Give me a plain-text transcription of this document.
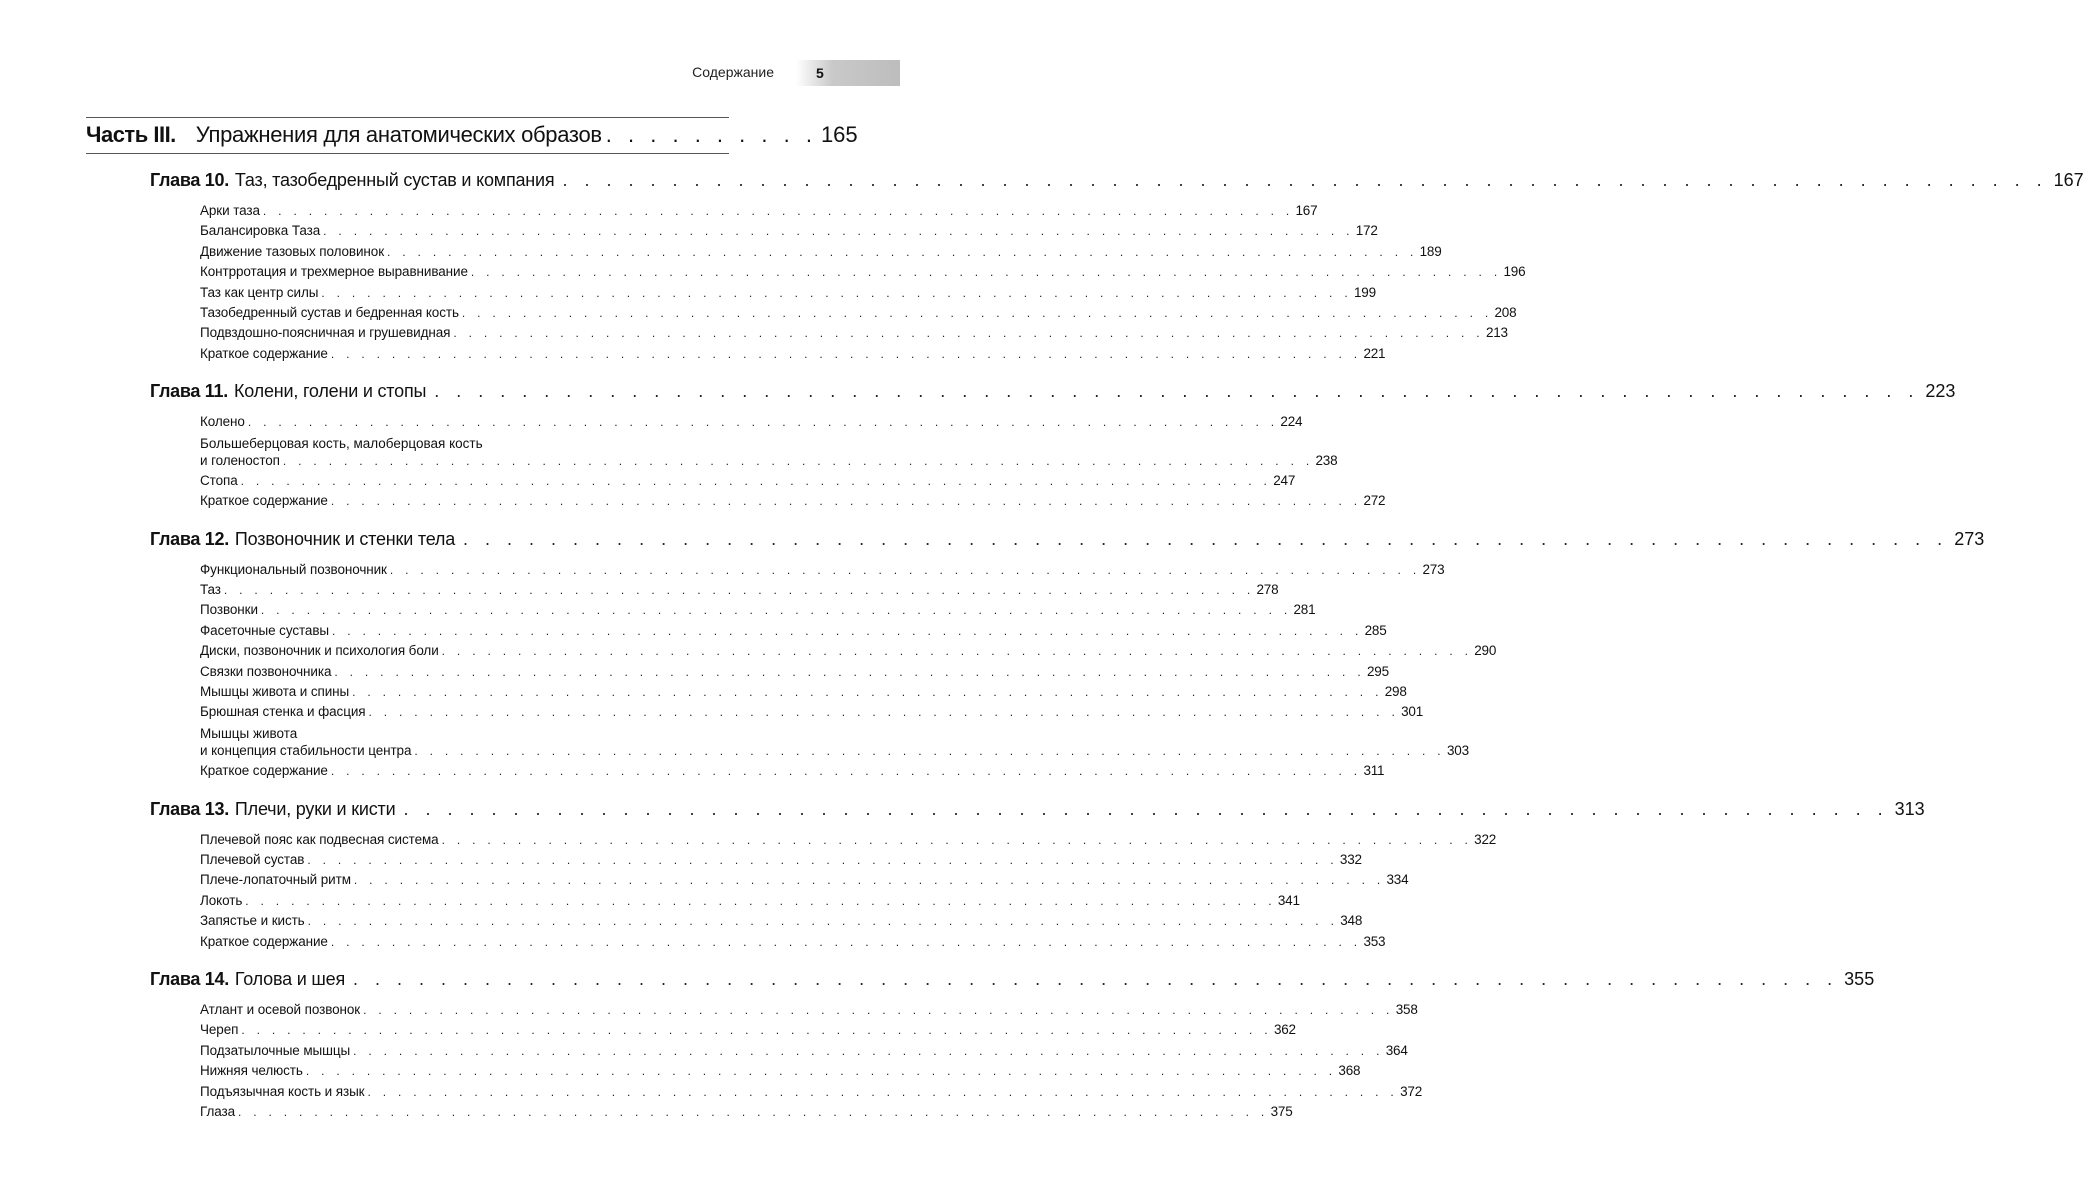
Содержание	5
Часть III. Упражнения для анатомических образов . . . . . . . . . . 165
Глава 10. Таз, тазобедренный сустав и компания . . . . . . . . . . . . . . . . . . . . . . . . . . . . . . . . . . . . . . . . . . . . . . . . . . . . . . . . . . . . . . . . . . . . 167
Арки таза . . . . . . . . . . . . . . . . . . . . . . . . . . . . . . . . . . . . . . . . . . . . . . . . . . . . . . . . . . . . . . . . . . . . 167
Балансировка Таза . . . . . . . . . . . . . . . . . . . . . . . . . . . . . . . . . . . . . . . . . . . . . . . . . . . . . . . . . . . . . . . . . . . . 172
Движение тазовых половинок . . . . . . . . . . . . . . . . . . . . . . . . . . . . . . . . . . . . . . . . . . . . . . . . . . . . . . . . . . . . . . . . . . . . 189
Контрротация и трехмерное выравнивание . . . . . . . . . . . . . . . . . . . . . . . . . . . . . . . . . . . . . . . . . . . . . . . . . . . . . . . . . . . . . . . . . . . . 196
Таз как центр силы . . . . . . . . . . . . . . . . . . . . . . . . . . . . . . . . . . . . . . . . . . . . . . . . . . . . . . . . . . . . . . . . . . . . 199
Тазобедренный сустав и бедренная кость . . . . . . . . . . . . . . . . . . . . . . . . . . . . . . . . . . . . . . . . . . . . . . . . . . . . . . . . . . . . . . . . . . . . 208
Подвздошно-поясничная и грушевидная . . . . . . . . . . . . . . . . . . . . . . . . . . . . . . . . . . . . . . . . . . . . . . . . . . . . . . . . . . . . . . . . . . . . 213
Краткое содержание . . . . . . . . . . . . . . . . . . . . . . . . . . . . . . . . . . . . . . . . . . . . . . . . . . . . . . . . . . . . . . . . . . . . 221
Глава 11. Колени, голени и стопы . . . . . . . . . . . . . . . . . . . . . . . . . . . . . . . . . . . . . . . . . . . . . . . . . . . . . . . . . . . . . . . . . . . . 223
Колено . . . . . . . . . . . . . . . . . . . . . . . . . . . . . . . . . . . . . . . . . . . . . . . . . . . . . . . . . . . . . . . . . . . . 224
Большеберцовая кость, малоберцовая кость
и голеностоп . . . . . . . . . . . . . . . . . . . . . . . . . . . . . . . . . . . . . . . . . . . . . . . . . . . . . . . . . . . . . . . . . . . . 238
Стопа . . . . . . . . . . . . . . . . . . . . . . . . . . . . . . . . . . . . . . . . . . . . . . . . . . . . . . . . . . . . . . . . . . . . 247
Краткое содержание . . . . . . . . . . . . . . . . . . . . . . . . . . . . . . . . . . . . . . . . . . . . . . . . . . . . . . . . . . . . . . . . . . . . 272
Глава 12. Позвоночник и стенки тела . . . . . . . . . . . . . . . . . . . . . . . . . . . . . . . . . . . . . . . . . . . . . . . . . . . . . . . . . . . . . . . . . . . . 273
Функциональный позвоночник . . . . . . . . . . . . . . . . . . . . . . . . . . . . . . . . . . . . . . . . . . . . . . . . . . . . . . . . . . . . . . . . . . . . 273
Таз . . . . . . . . . . . . . . . . . . . . . . . . . . . . . . . . . . . . . . . . . . . . . . . . . . . . . . . . . . . . . . . . . . . . 278
Позвонки . . . . . . . . . . . . . . . . . . . . . . . . . . . . . . . . . . . . . . . . . . . . . . . . . . . . . . . . . . . . . . . . . . . . 281
Фасеточные суставы . . . . . . . . . . . . . . . . . . . . . . . . . . . . . . . . . . . . . . . . . . . . . . . . . . . . . . . . . . . . . . . . . . . . 285
Диски, позвоночник и психология боли . . . . . . . . . . . . . . . . . . . . . . . . . . . . . . . . . . . . . . . . . . . . . . . . . . . . . . . . . . . . . . . . . . . . 290
Связки позвоночника . . . . . . . . . . . . . . . . . . . . . . . . . . . . . . . . . . . . . . . . . . . . . . . . . . . . . . . . . . . . . . . . . . . . 295
Мышцы живота и спины . . . . . . . . . . . . . . . . . . . . . . . . . . . . . . . . . . . . . . . . . . . . . . . . . . . . . . . . . . . . . . . . . . . . 298
Брюшная стенка и фасция . . . . . . . . . . . . . . . . . . . . . . . . . . . . . . . . . . . . . . . . . . . . . . . . . . . . . . . . . . . . . . . . . . . . 301
Мышцы живота
и концепция стабильности центра . . . . . . . . . . . . . . . . . . . . . . . . . . . . . . . . . . . . . . . . . . . . . . . . . . . . . . . . . . . . . . . . . . . . 303
Краткое содержание . . . . . . . . . . . . . . . . . . . . . . . . . . . . . . . . . . . . . . . . . . . . . . . . . . . . . . . . . . . . . . . . . . . . 311
Глава 13. Плечи, руки и кисти . . . . . . . . . . . . . . . . . . . . . . . . . . . . . . . . . . . . . . . . . . . . . . . . . . . . . . . . . . . . . . . . . . . . 313
Плечевой пояс как подвесная система . . . . . . . . . . . . . . . . . . . . . . . . . . . . . . . . . . . . . . . . . . . . . . . . . . . . . . . . . . . . . . . . . . . . 322
Плечевой сустав . . . . . . . . . . . . . . . . . . . . . . . . . . . . . . . . . . . . . . . . . . . . . . . . . . . . . . . . . . . . . . . . . . . . 332
Плече-лопаточный ритм . . . . . . . . . . . . . . . . . . . . . . . . . . . . . . . . . . . . . . . . . . . . . . . . . . . . . . . . . . . . . . . . . . . . 334
Локоть . . . . . . . . . . . . . . . . . . . . . . . . . . . . . . . . . . . . . . . . . . . . . . . . . . . . . . . . . . . . . . . . . . . . 341
Запястье и кисть . . . . . . . . . . . . . . . . . . . . . . . . . . . . . . . . . . . . . . . . . . . . . . . . . . . . . . . . . . . . . . . . . . . . 348
Краткое содержание . . . . . . . . . . . . . . . . . . . . . . . . . . . . . . . . . . . . . . . . . . . . . . . . . . . . . . . . . . . . . . . . . . . . 353
Глава 14. Голова и шея . . . . . . . . . . . . . . . . . . . . . . . . . . . . . . . . . . . . . . . . . . . . . . . . . . . . . . . . . . . . . . . . . . . . 355
Атлант и осевой позвонок . . . . . . . . . . . . . . . . . . . . . . . . . . . . . . . . . . . . . . . . . . . . . . . . . . . . . . . . . . . . . . . . . . . . 358
Череп . . . . . . . . . . . . . . . . . . . . . . . . . . . . . . . . . . . . . . . . . . . . . . . . . . . . . . . . . . . . . . . . . . . . 362
Подзатылочные мышцы . . . . . . . . . . . . . . . . . . . . . . . . . . . . . . . . . . . . . . . . . . . . . . . . . . . . . . . . . . . . . . . . . . . . 364
Нижняя челюсть . . . . . . . . . . . . . . . . . . . . . . . . . . . . . . . . . . . . . . . . . . . . . . . . . . . . . . . . . . . . . . . . . . . . 368
Подъязычная кость и язык . . . . . . . . . . . . . . . . . . . . . . . . . . . . . . . . . . . . . . . . . . . . . . . . . . . . . . . . . . . . . . . . . . . . 372
Глаза . . . . . . . . . . . . . . . . . . . . . . . . . . . . . . . . . . . . . . . . . . . . . . . . . . . . . . . . . . . . . . . . . . . . 375
